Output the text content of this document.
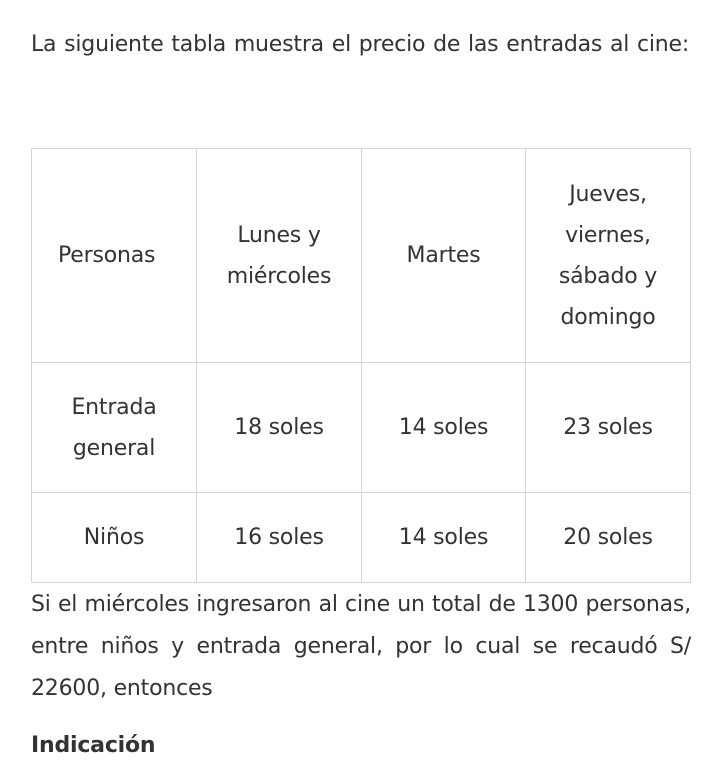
La siguiente tabla muestra el precio de las entradas al cine:

Personas	Lunes y miércoles	Martes	Jueves, viernes, sábado y domingo

Entrada general	18 soles	14 soles	23 soles

Niños	16 soles	14 soles	20 soles

Si el miércoles ingresaron al cine un total de 1300 personas, entre niños y entrada general, por lo cual se recaudó S/ 22600, entonces

Indicación
